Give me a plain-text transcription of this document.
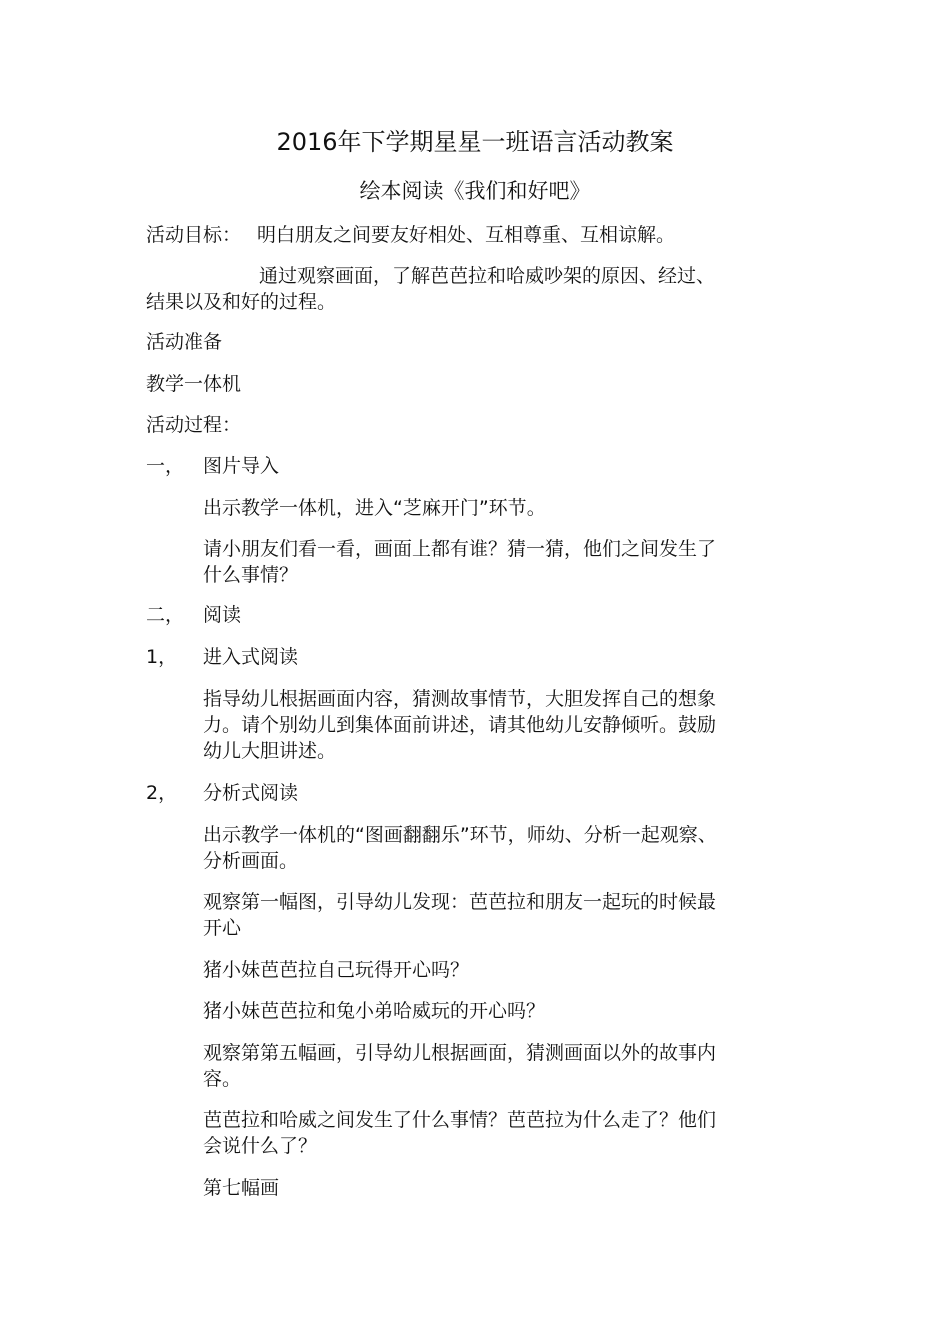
2016年下学期星星一班语言活动教案
绘本阅读《我们和好吧》
活动目标： 明白朋友之间要友好相处、互相尊重、互相谅解。
通过观察画面，了解芭芭拉和哈威吵架的原因、经过、
结果以及和好的过程。
活动准备
教学一体机
活动过程：
一， 图片导入
出示教学一体机，进入“芝麻开门”环节。
请小朋友们看一看，画面上都有谁？猜一猜，他们之间发生了
什么事情？
二， 阅读
1， 进入式阅读
指导幼儿根据画面内容，猜测故事情节，大胆发挥自己的想象
力。请个别幼儿到集体面前讲述，请其他幼儿安静倾听。鼓励
幼儿大胆讲述。
2， 分析式阅读
出示教学一体机的“图画翻翻乐”环节，师幼、分析一起观察、
分析画面。
观察第一幅图，引导幼儿发现：芭芭拉和朋友一起玩的时候最
开心
猪小妹芭芭拉自己玩得开心吗？
猪小妹芭芭拉和兔小弟哈威玩的开心吗？
观察第第五幅画，引导幼儿根据画面，猜测画面以外的故事内
容。
芭芭拉和哈威之间发生了什么事情？芭芭拉为什么走了？他们
会说什么了？
第七幅画
